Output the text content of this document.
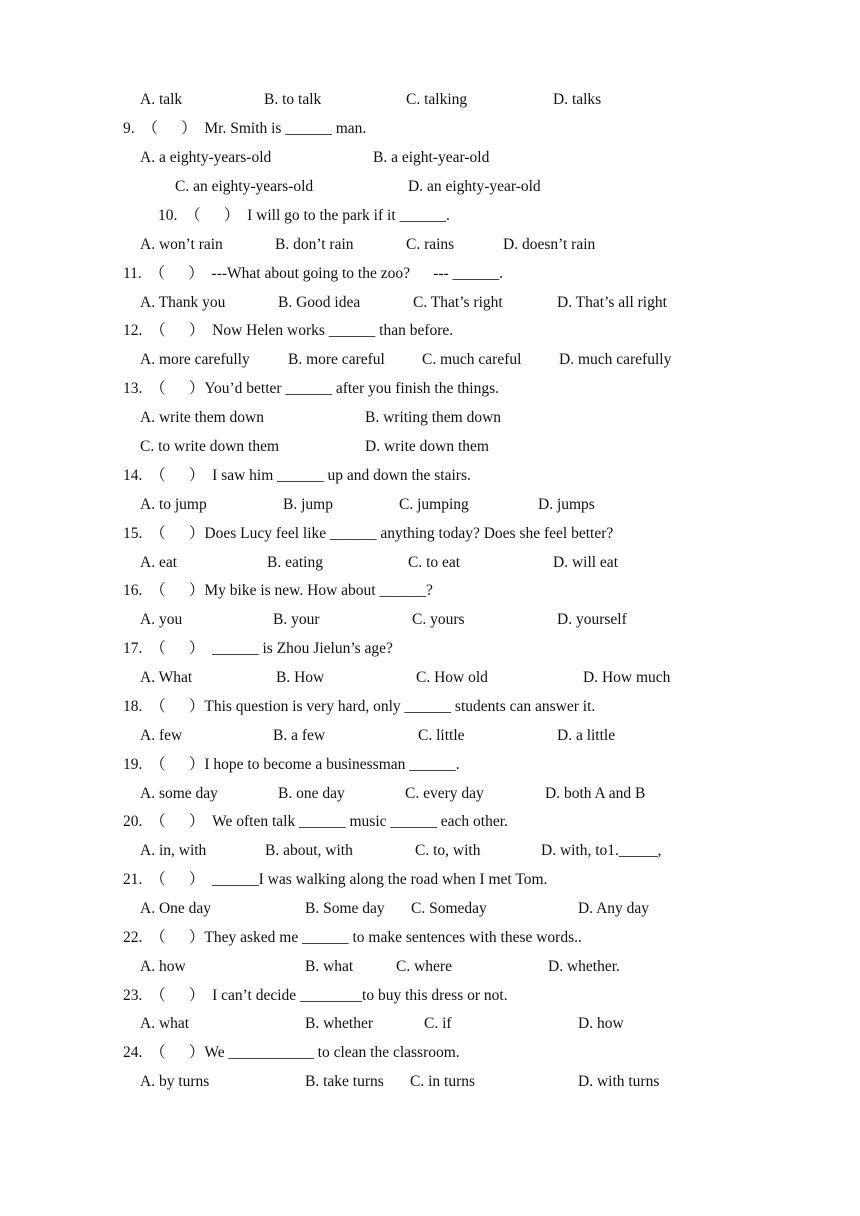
A. talk	B. to talk	C. talking	D. talks
9.  （      ）  Mr. Smith is ______ man.
A. a eighty-years-old	B. a eight-year-old
C. an eighty-years-old	D. an eighty-year-old
10.  （      ）  I will go to the park if it ______.
A. won’t rain	B. don’t rain	C. rains	D. doesn’t rain
11.  （      ）  ---What about going to the zoo?      --- ______.
A. Thank you	B. Good idea	C. That’s right	D. That’s all right
12.  （      ）  Now Helen works ______ than before.
A. more carefully B. more careful C. much careful D. much carefully
13.  （      ）You’d better ______ after you finish the things.
A. write them down	B. writing them down
C. to write down them	D. write down them
14.  （      ）  I saw him ______ up and down the stairs.
A. to jump	B. jump	C. jumping	D. jumps
15.  （      ）Does Lucy feel like ______ anything today? Does she feel better?
A. eat	B. eating	C. to eat	D. will eat
16.  （      ）My bike is new. How about ______?
A. you	B. your	C. yours	D. yourself
17.  （      ）  ______ is Zhou Jielun’s age?
A. What	B. How	C. How old	D. How much
18.  （      ）This question is very hard, only ______ students can answer it.
A. few	B. a few	C. little	D. a little
19.  （      ）I hope to become a businessman ______.
A. some day	B. one day	C. every day	D. both A and B
20.  （      ）  We often talk ______ music ______ each other.
A. in, with	B. about, with	C. to, with	D. with, to1._____,
21.  （      ）  ______I was walking along the road when I met Tom.
A. One day	B. Some day C. Someday	D. Any day
22.  （      ）They asked me ______ to make sentences with these words..
A. how	B. what	C. where	D. whether.
23.  （      ）  I can’t decide ________to buy this dress or not.
A. what	B. whether	C. if	D. how
24.  （      ）We ___________ to clean the classroom.
A. by turns	B. take turns C. in turns	D. with turns
